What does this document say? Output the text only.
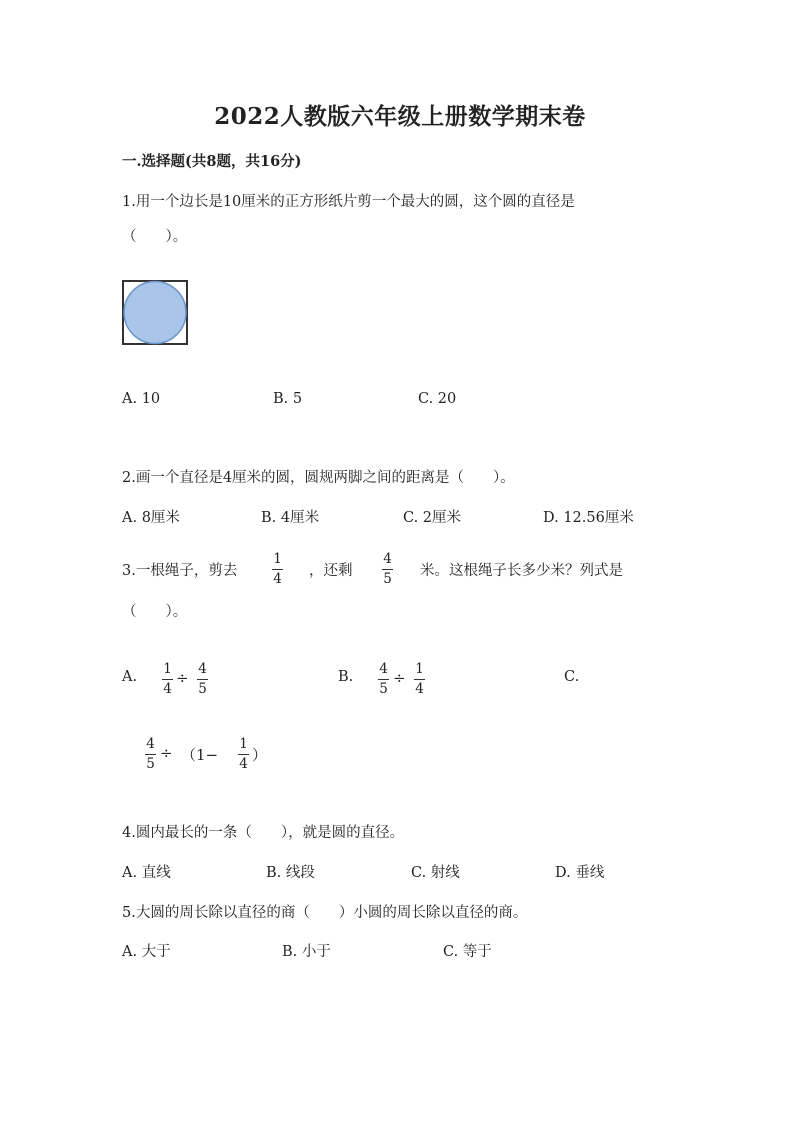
2022人教版六年级上册数学期末卷
一.选择题(共8题，共16分)
1.用一个边长是10厘米的正方形纸片剪一个最大的圆，这个圆的直径是
（　　）。
A. 10	B. 5	C. 20
2.画一个直径是4厘米的圆，圆规两脚之间的距离是（　　）。
A. 8厘米	B. 4厘米	C. 2厘米	D. 12.56厘米
3.一根绳子，剪去
1
4 ，还剩
4
5 米。这根绳子长多少米？列式是
（　　）。
A. 1
4
÷ 4
5
B. 4
5
÷ 1
4
C.
4
5
÷ （1−
1
4 ）
4.圆内最长的一条（　　），就是圆的直径。
A. 直线	B. 线段	C. 射线	D. 垂线
5.大圆的周长除以直径的商（　　）小圆的周长除以直径的商。
A. 大于	B. 小于	C. 等于
